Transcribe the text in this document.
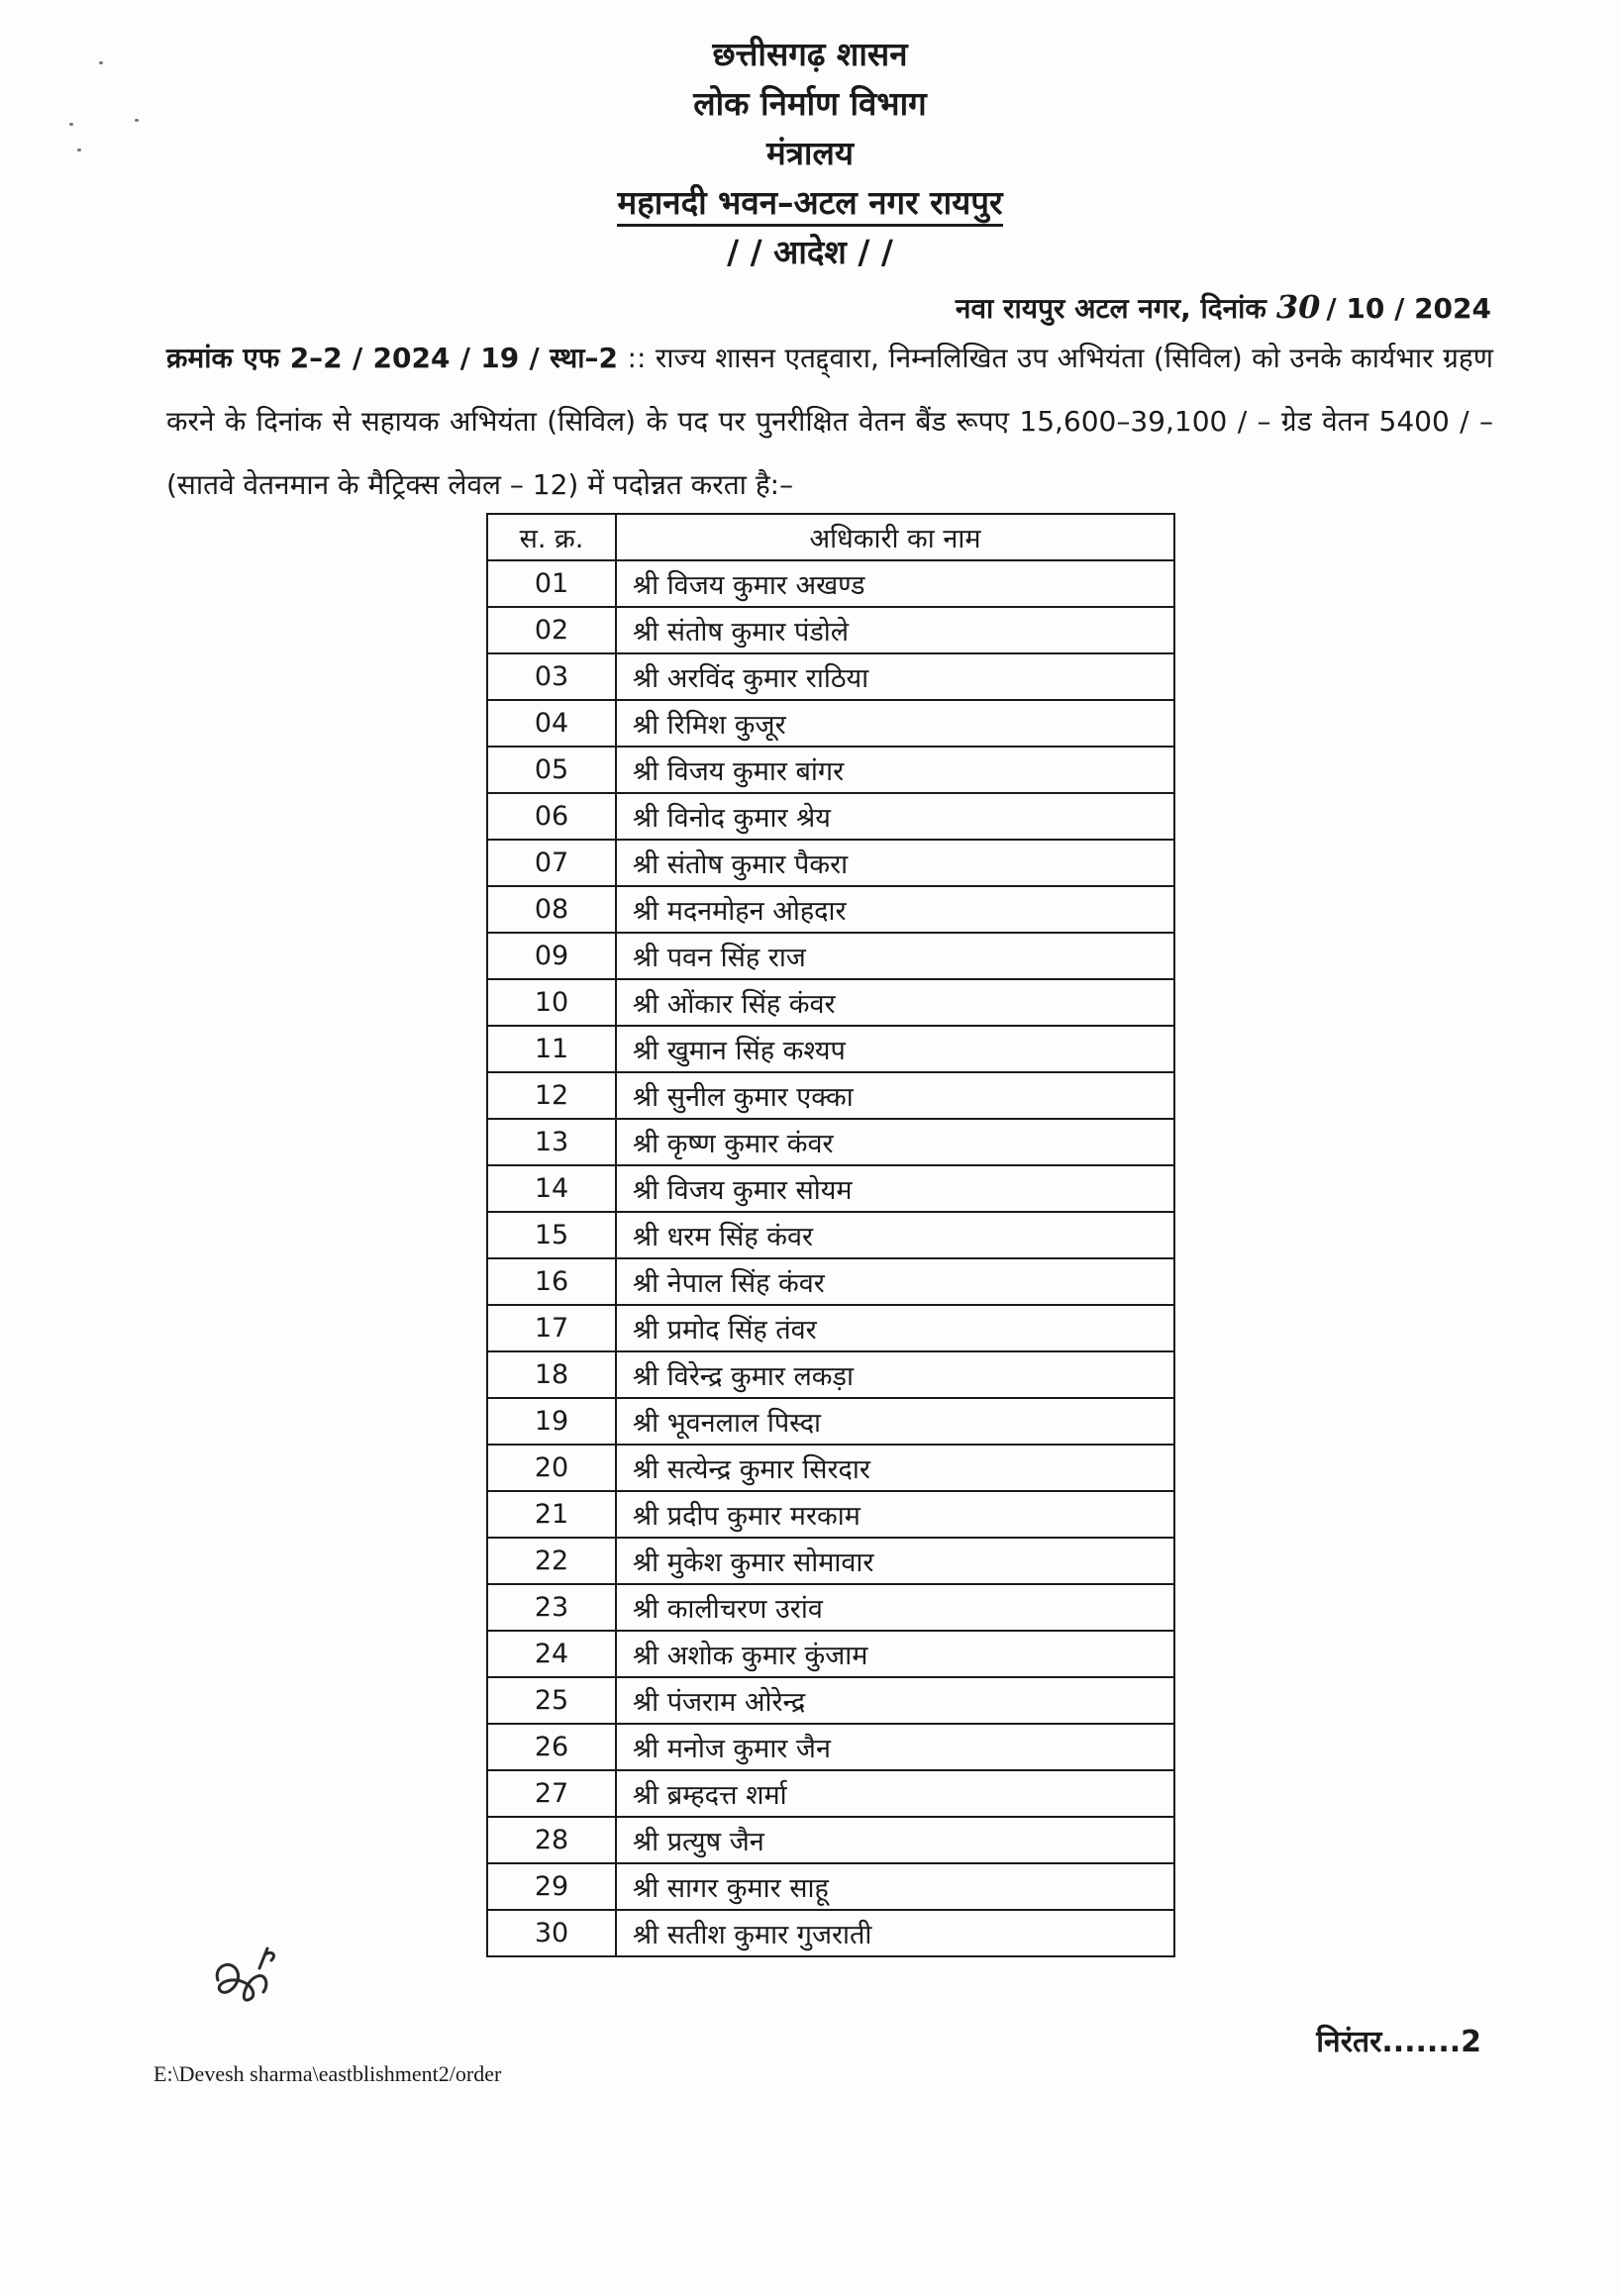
छत्तीसगढ़ शासन
लोक निर्माण विभाग
मंत्रालय
महानदी भवन–अटल नगर रायपुर
/ / आदेश / /
नवा रायपुर अटल नगर, दिनांक 30 / 10 / 2024

क्रमांक एफ 2–2 / 2024 / 19 / स्था–2 :: राज्य शासन एतद्द्वारा, निम्नलिखित उप अभियंता (सिविल) को उनके कार्यभार ग्रहण करने के दिनांक से सहायक अभियंता (सिविल) के पद पर पुनरीक्षित वेतन बैंड रूपए 15,600–39,100 / – ग्रेड वेतन 5400 / –(सातवे वेतनमान के मैट्रिक्स लेवल – 12) में पदोन्नत करता है:–

स. क्र.	अधिकारी का नाम
01	श्री विजय कुमार अखण्ड
02	श्री संतोष कुमार पंडोले
03	श्री अरविंद कुमार राठिया
04	श्री रिमिश कुजूर
05	श्री विजय कुमार बांगर
06	श्री विनोद कुमार श्रेय
07	श्री संतोष कुमार पैकरा
08	श्री मदनमोहन ओहदार
09	श्री पवन सिंह राज
10	श्री ओंकार सिंह कंवर
11	श्री खुमान सिंह कश्यप
12	श्री सुनील कुमार एक्का
13	श्री कृष्ण कुमार कंवर
14	श्री विजय कुमार सोयम
15	श्री धरम सिंह कंवर
16	श्री नेपाल सिंह कंवर
17	श्री प्रमोद सिंह तंवर
18	श्री विरेन्द्र कुमार लकड़ा
19	श्री भूवनलाल पिस्दा
20	श्री सत्येन्द्र कुमार सिरदार
21	श्री प्रदीप कुमार मरकाम
22	श्री मुकेश कुमार सोमावार
23	श्री कालीचरण उरांव
24	श्री अशोक कुमार कुंजाम
25	श्री पंजराम ओरेन्द्र
26	श्री मनोज कुमार जैन
27	श्री ब्रम्हदत्त शर्मा
28	श्री प्रत्युष जैन
29	श्री सागर कुमार साहू
30	श्री सतीश कुमार गुजराती
निरंतर.......2
E:\Devesh sharma\eastblishment2/order
